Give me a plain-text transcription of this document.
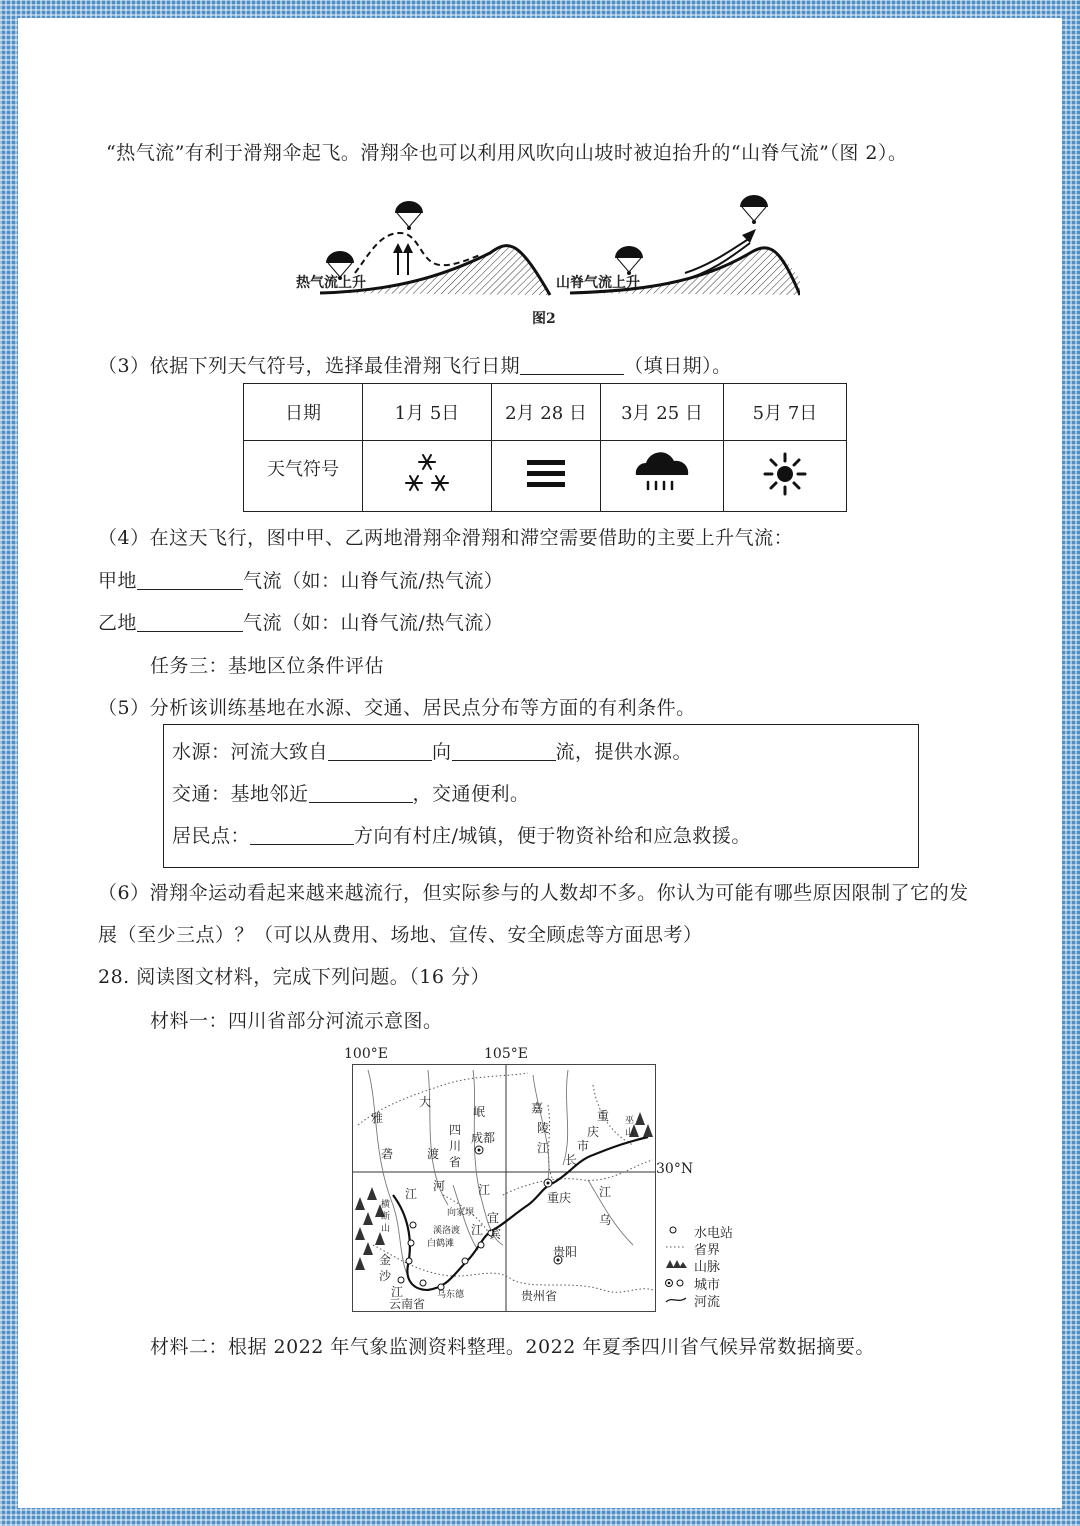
“热气流”有利于滑翔伞起飞。滑翔伞也可以利用风吹向山坡时被迫抬升的“山脊气流”（图 2）。
热气流上升	山脊气流上升
图2
（3）依据下列天气符号，选择最佳滑翔飞行日期	（填日期）。
日期	1月 5日	2月 28 日	3月 25 日	5月 7日
天气符号				
（4）在这天飞行，图中甲、乙两地滑翔伞滑翔和滞空需要借助的主要上升气流：
甲地	气流（如：山脊气流/热气流）
乙地	气流（如：山脊气流/热气流）
任务三：基地区位条件评估
（5）分析该训练基地在水源、交通、居民点分布等方面的有利条件。
水源：河流大致自	向	流，提供水源。
交通：基地邻近	，交通便利。
居民点：	方向有村庄/城镇，便于物资补给和应急救援。
（6）滑翔伞运动看起来越来越流行，但实际参与的人数却不多。你认为可能有哪些原因限制了它的发
展（至少三点）？（可以从费用、场地、宣传、安全顾虑等方面思考）
28. 阅读图文材料，完成下列问题。（16 分）
材料一：四川省部分河流示意图。
100°E	105°E
30°N
雅
砻
江
大
渡
河
岷
江
四
川
省
成都
嘉
陵
江
重
庆
市
长
江
重庆
乌
宜
宾
江
横
断
山
金
沙
江
向家坝
溪洛渡
白鹤滩
乌东德
贵阳
贵州省
云南省
巫
山
水电站
省界
山脉
城市
河流
材料二：根据 2022 年气象监测资料整理。2022 年夏季四川省气候异常数据摘要。
